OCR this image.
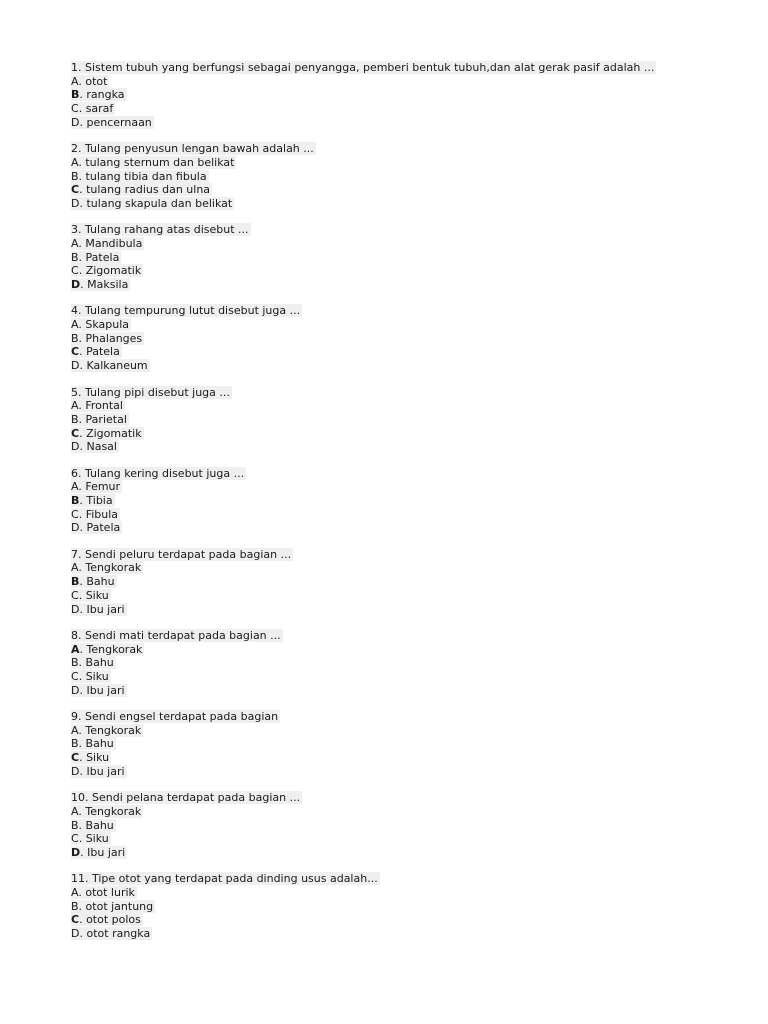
1. Sistem tubuh yang berfungsi sebagai penyangga, pemberi bentuk tubuh,dan alat gerak pasif adalah ...
A. otot
B. rangka
C. saraf
D. pencernaan
2. Tulang penyusun lengan bawah adalah ...
A. tulang sternum dan belikat
B. tulang tibia dan fibula
C. tulang radius dan ulna
D. tulang skapula dan belikat
3. Tulang rahang atas disebut ...
A. Mandibula
B. Patela
C. Zigomatik
D. Maksila
4. Tulang tempurung lutut disebut juga ...
A. Skapula
B. Phalanges
C. Patela
D. Kalkaneum
5. Tulang pipi disebut juga ...
A. Frontal
B. Parietal
C. Zigomatik
D. Nasal
6. Tulang kering disebut juga ...
A. Femur
B. Tibia
C. Fibula
D. Patela
7. Sendi peluru terdapat pada bagian ...
A. Tengkorak
B. Bahu
C. Siku
D. Ibu jari
8. Sendi mati terdapat pada bagian ...
A. Tengkorak
B. Bahu
C. Siku
D. Ibu jari
9. Sendi engsel terdapat pada bagian
A. Tengkorak
B. Bahu
C. Siku
D. Ibu jari
10. Sendi pelana terdapat pada bagian ...
A. Tengkorak
B. Bahu
C. Siku
D. Ibu jari
11. Tipe otot yang terdapat pada dinding usus adalah...
A. otot lurik
B. otot jantung
C. otot polos
D. otot rangka
